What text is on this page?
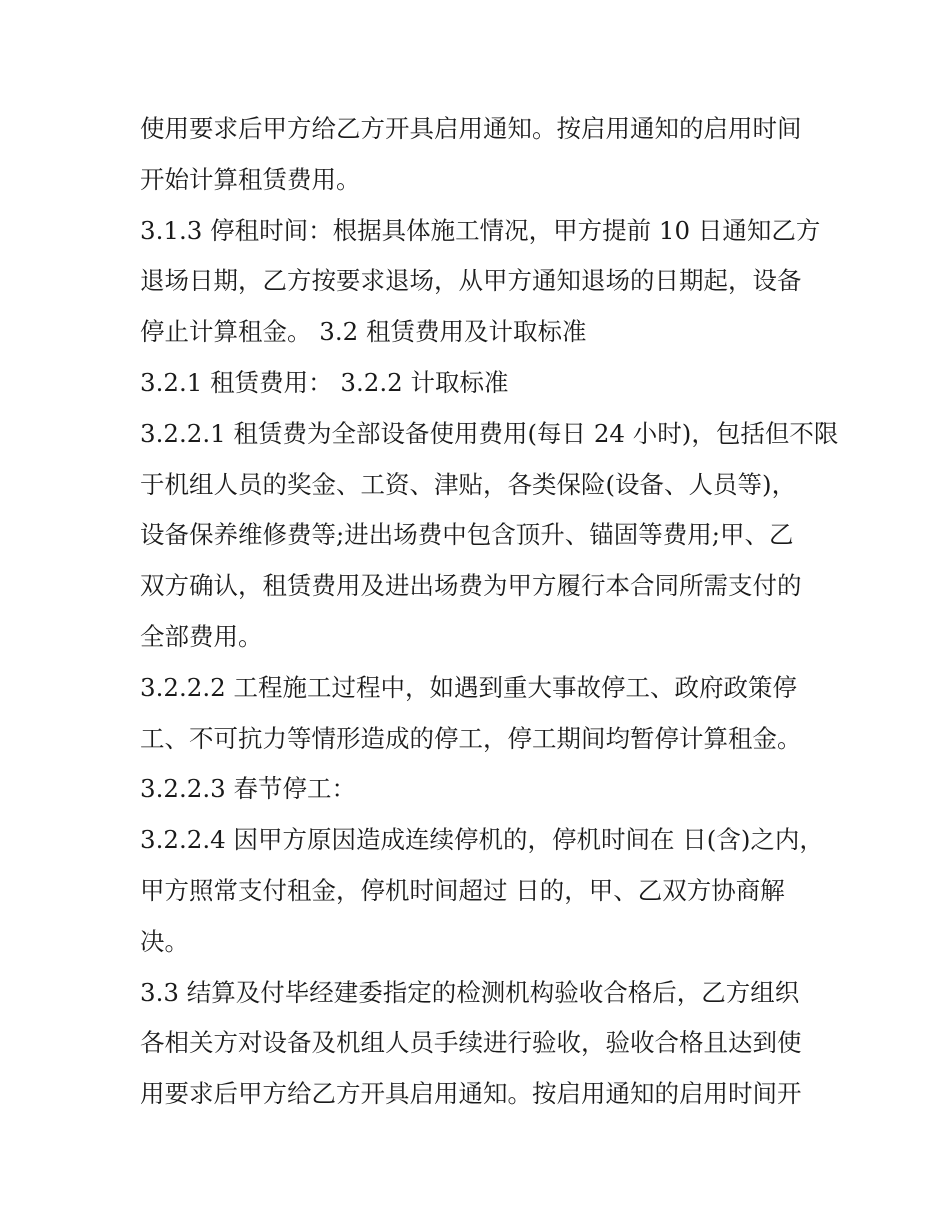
使用要求后甲方给乙方开具启用通知。按启用通知的启用时间
开始计算租赁费用。
3.1.3 停租时间：根据具体施工情况，甲方提前 10 日通知乙方
退场日期，乙方按要求退场，从甲方通知退场的日期起，设备
停止计算租金。 3.2 租赁费用及计取标准
3.2.1 租赁费用： 3.2.2 计取标准
3.2.2.1 租赁费为全部设备使用费用(每日 24 小时)，包括但不限
于机组人员的奖金、工资、津贴，各类保险(设备、人员等)，
设备保养维修费等;进出场费中包含顶升、锚固等费用;甲、乙
双方确认，租赁费用及进出场费为甲方履行本合同所需支付的
全部费用。
3.2.2.2 工程施工过程中，如遇到重大事故停工、政府政策停
工、不可抗力等情形造成的停工，停工期间均暂停计算租金。
3.2.2.3 春节停工：
3.2.2.4 因甲方原因造成连续停机的，停机时间在 日(含)之内，
甲方照常支付租金，停机时间超过 日的，甲、乙双方协商解
决。
3.3 结算及付毕经建委指定的检测机构验收合格后，乙方组织
各相关方对设备及机组人员手续进行验收，验收合格且达到使
用要求后甲方给乙方开具启用通知。按启用通知的启用时间开
